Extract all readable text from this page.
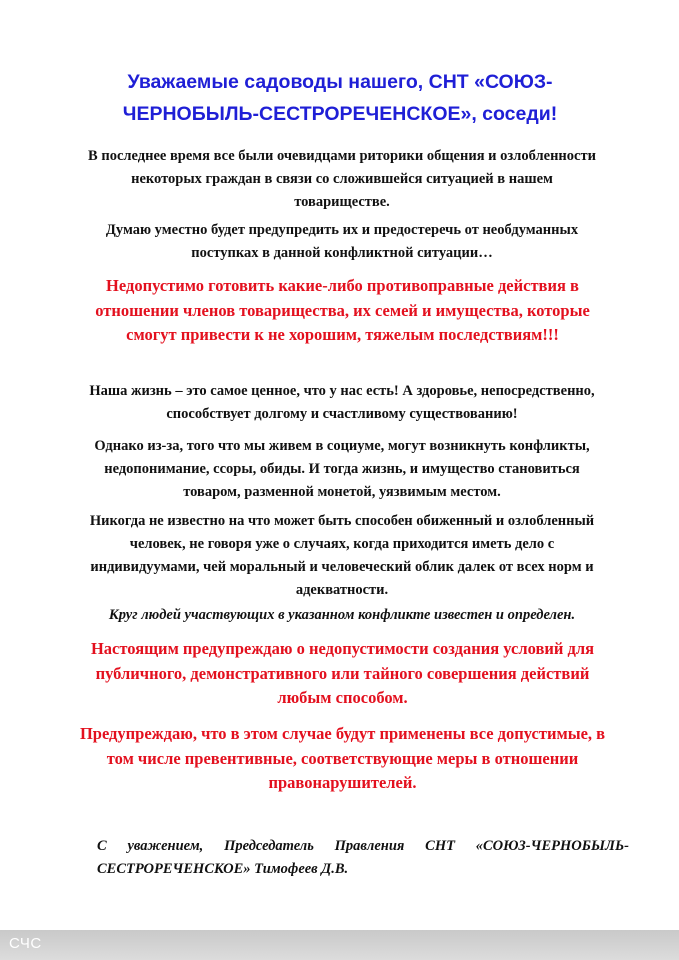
Уважаемые садоводы нашего, СНТ «СОЮЗ-ЧЕРНОБЫЛЬ-СЕСТРОРЕЧЕНСКОЕ», соседи!
В последнее время все были очевидцами риторики общения и озлобленности некоторых граждан в связи со сложившейся ситуацией в нашем товариществе.
Думаю уместно будет предупредить их и предостеречь от необдуманных поступках в данной конфликтной ситуации…
Недопустимо готовить какие-либо противоправные действия в отношении членов товарищества, их семей и имущества, которые смогут привести к не хорошим, тяжелым последствиям!!!
Наша жизнь – это самое ценное, что у нас есть! А здоровье, непосредственно, способствует долгому и счастливому существованию!
Однако из-за, того что мы живем в социуме, могут возникнуть конфликты, недопонимание, ссоры, обиды. И тогда жизнь, и имущество становиться товаром, разменной монетой, уязвимым местом.
Никогда не известно на что может быть способен обиженный и озлобленный человек, не говоря уже о случаях, когда приходится иметь дело с индивидуумами, чей моральный и человеческий облик далек от всех норм и адекватности.
Круг людей участвующих в указанном конфликте известен и определен.
Настоящим предупреждаю о недопустимости создания условий для публичного, демонстративного или тайного совершения действий любым способом.
Предупреждаю, что в этом случае будут применены все допустимые, в том числе превентивные, соответствующие меры в отношении правонарушителей.
С уважением, Председатель Правления СНТ «СОЮЗ-ЧЕРНОБЫЛЬ-СЕСТРОРЕЧЕНСКОЕ» Тимофеев Д.В.
СЧС
